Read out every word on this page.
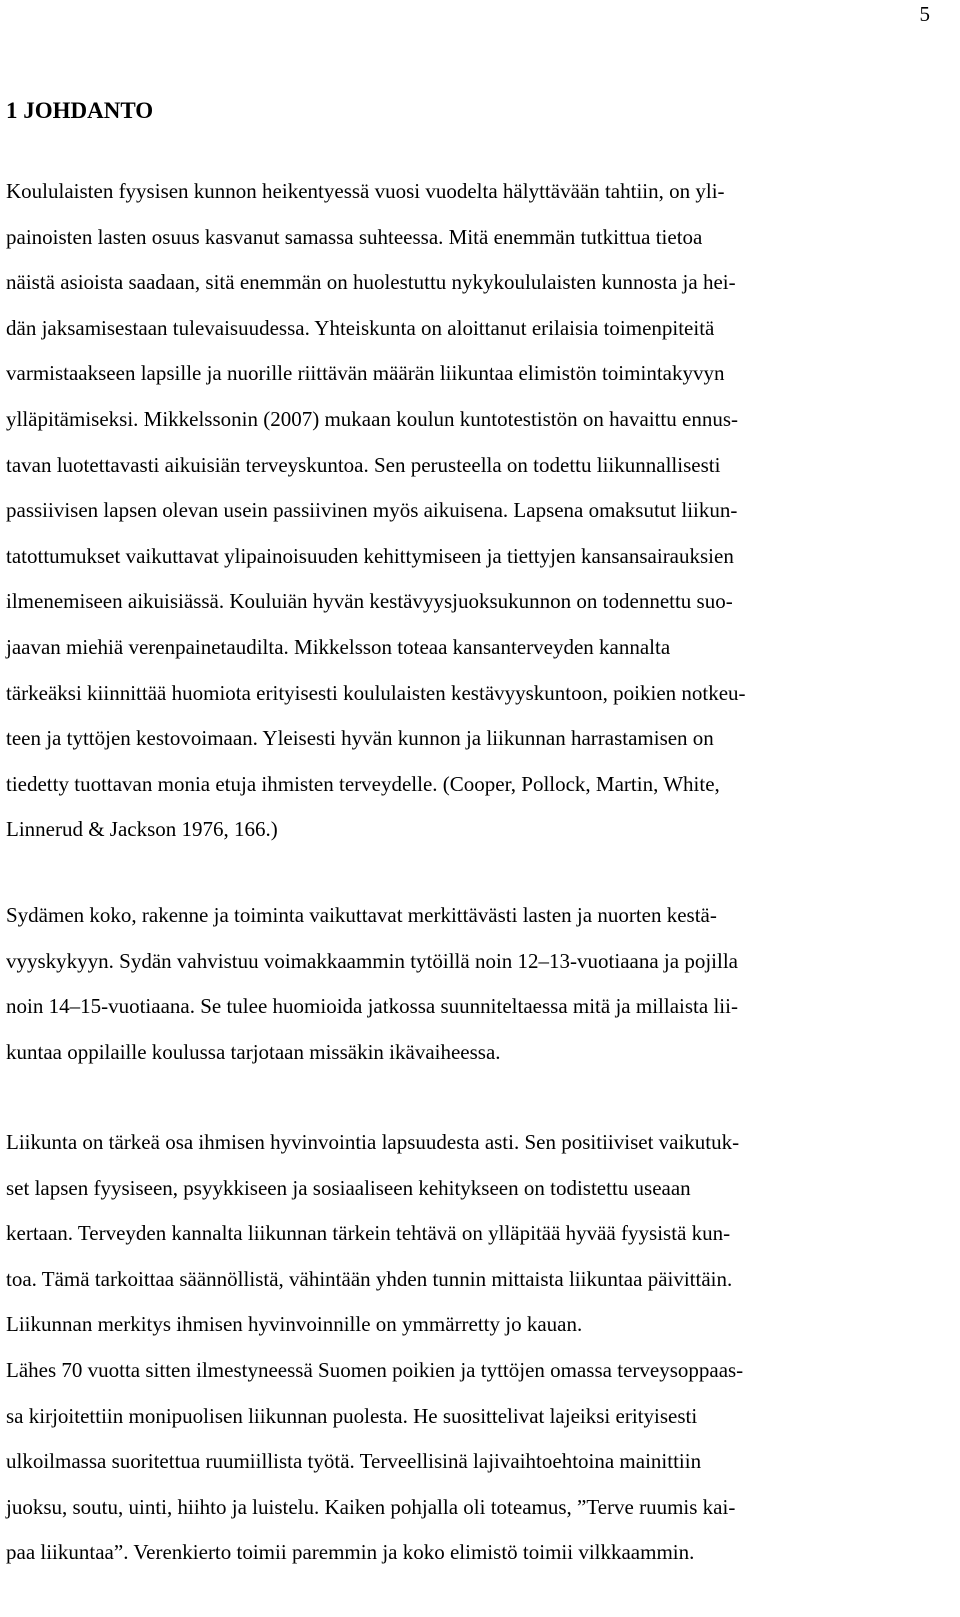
5
1 JOHDANTO
Koululaisten fyysisen kunnon heikentyessä vuosi vuodelta hälyttävään tahtiin, on yli-
painoisten lasten osuus kasvanut samassa suhteessa. Mitä enemmän tutkittua tietoa
näistä asioista saadaan, sitä enemmän on huolestuttu nykykoululaisten kunnosta ja hei-
dän jaksamisestaan tulevaisuudessa. Yhteiskunta on aloittanut erilaisia toimenpiteitä
varmistaakseen lapsille ja nuorille riittävän määrän liikuntaa elimistön toimintakyvyn
ylläpitämiseksi. Mikkelssonin (2007) mukaan koulun kuntotestistön on havaittu ennus-
tavan luotettavasti aikuisiän terveyskuntoa. Sen perusteella on todettu liikunnallisesti
passiivisen lapsen olevan usein passiivinen myös aikuisena. Lapsena omaksutut liikun-
tatottumukset vaikuttavat ylipainoisuuden kehittymiseen ja tiettyjen kansansairauksien
ilmenemiseen aikuisiässä. Kouluiän hyvän kestävyysjuoksukunnon on todennettu suo-
jaavan miehiä verenpainetaudilta. Mikkelsson toteaa kansanterveyden kannalta
tärkeäksi kiinnittää huomiota erityisesti koululaisten kestävyyskuntoon, poikien notkeu-
teen ja tyttöjen kestovoimaan. Yleisesti hyvän kunnon ja liikunnan harrastamisen on
tiedetty tuottavan monia etuja ihmisten terveydelle. (Cooper, Pollock, Martin, White,
Linnerud & Jackson 1976, 166.)
Sydämen koko, rakenne ja toiminta vaikuttavat merkittävästi lasten ja nuorten kestä-
vyyskykyyn. Sydän vahvistuu voimakkaammin tytöillä noin 12–13-vuotiaana ja pojilla
noin 14–15-vuotiaana. Se tulee huomioida jatkossa suunniteltaessa mitä ja millaista lii-
kuntaa oppilaille koulussa tarjotaan missäkin ikävaiheessa.
Liikunta on tärkeä osa ihmisen hyvinvointia lapsuudesta asti. Sen positiiviset vaikutuk-
set lapsen fyysiseen, psyykkiseen ja sosiaaliseen kehitykseen on todistettu useaan
kertaan. Terveyden kannalta liikunnan tärkein tehtävä on ylläpitää hyvää fyysistä kun-
toa. Tämä tarkoittaa säännöllistä, vähintään yhden tunnin mittaista liikuntaa päivittäin.
Liikunnan merkitys ihmisen hyvinvoinnille on ymmärretty jo kauan.
Lähes 70 vuotta sitten ilmestyneessä Suomen poikien ja tyttöjen omassa terveysoppaas-
sa kirjoitettiin monipuolisen liikunnan puolesta. He suosittelivat lajeiksi erityisesti
ulkoilmassa suoritettua ruumiillista työtä. Terveellisinä lajivaihtoehtoina mainittiin
juoksu, soutu, uinti, hiihto ja luistelu. Kaiken pohjalla oli toteamus, ”Terve ruumis kai-
paa liikuntaa”. Verenkierto toimii paremmin ja koko elimistö toimii vilkkaammin.
